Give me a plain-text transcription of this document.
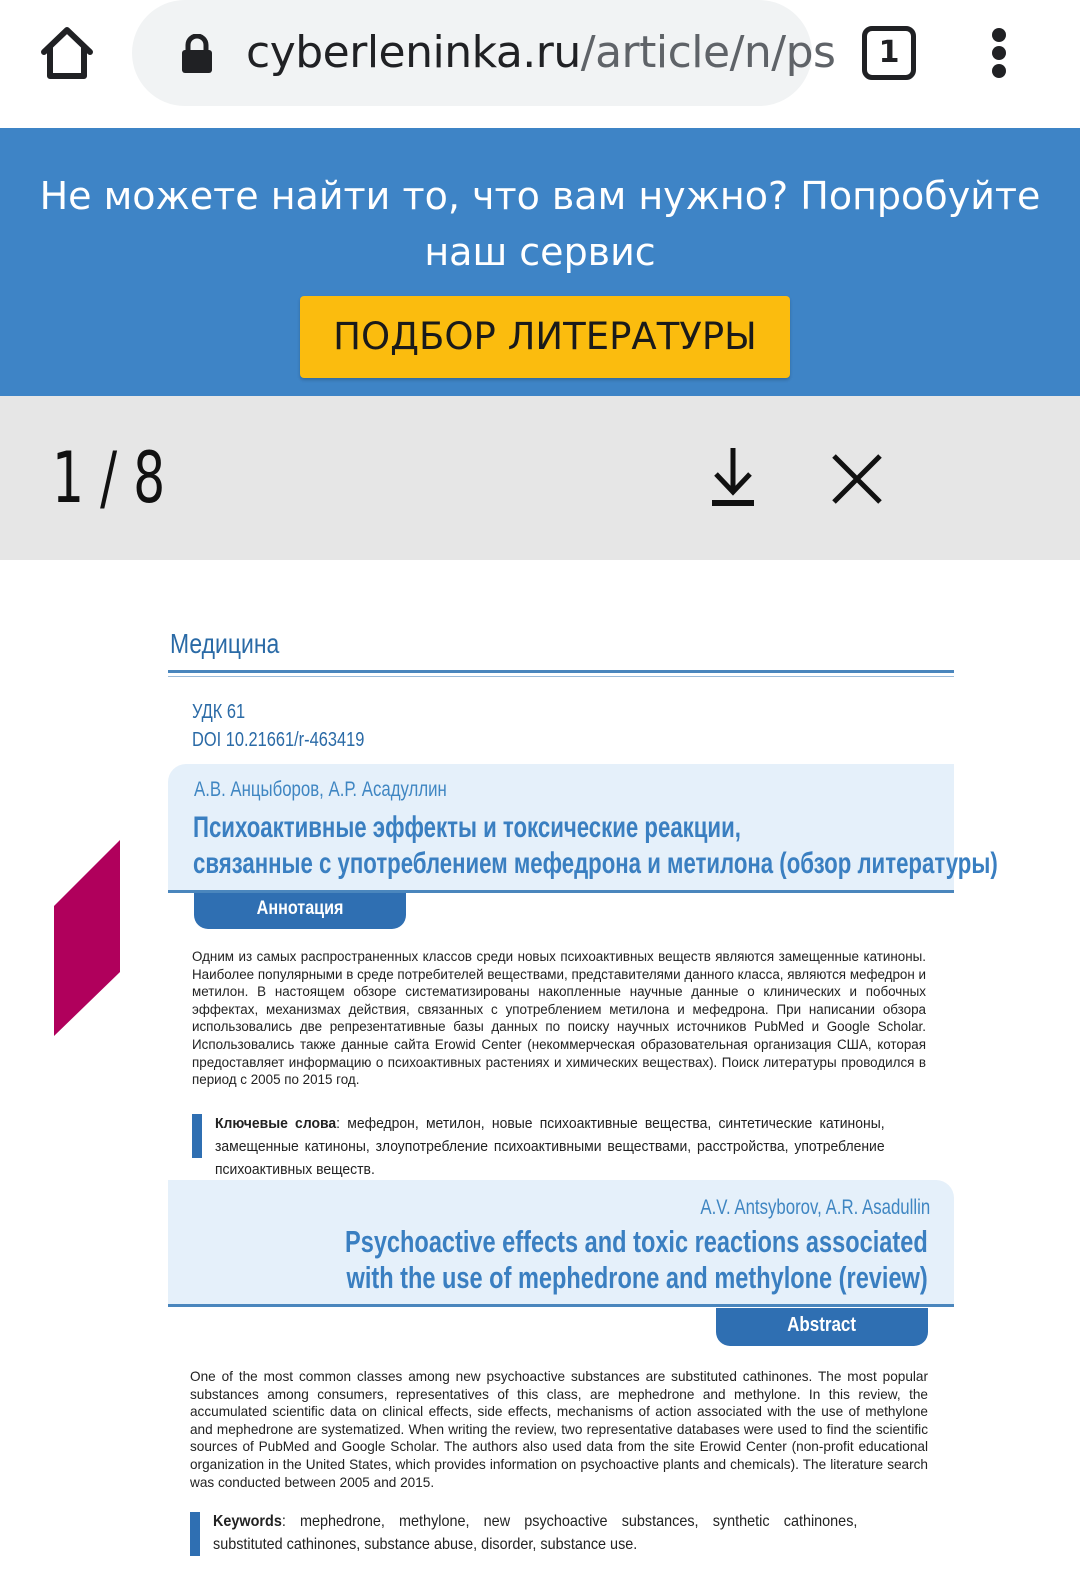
cyberleninka.ru/article/n/ps	1
Не можете найти то, что вам нужно? Попробуйте наш сервис
ПОДБОР ЛИТЕРАТУРЫ
1 / 8
Медицина
УДК 61
DOI 10.21661/r-463419
А.В. Анцыборов, А.Р. Асадуллин
Психоактивные эффекты и токсические реакции,
связанные с употреблением мефедрона и метилона (обзор литературы)
Аннотация
Одним из самых распространенных классов среди новых психоактивных веществ являются замещенные катиноны. Наиболее популярными в среде потребителей веществами, представителями данного класса, являются мефедрон и метилон. В настоящем обзоре систематизированы накопленные научные данные о клинических и побочных эффектах, механизмах действия, связанных с употреблением метилона и мефедрона. При написании обзора использовались две репрезентативные базы данных по поиску научных источников PubMed и Google Scholar. Использовались также данные сайта Erowid Center (некоммерческая образовательная организация США, которая предоставляет информацию о психоактивных растениях и химических веществах). Поиск литературы проводился в период с 2005 по 2015 год.
Ключевые слова: мефедрон, метилон, новые психоактивные вещества, синтетические катиноны, замещенные катиноны, злоупотребление психоактивными веществами, расстройства, употребление психоактивных веществ.
A.V. Antsyborov, A.R. Asadullin
Psychoactive effects and toxic reactions associated
with the use of mephedrone and methylone (review)
Abstract
One of the most common classes among new psychoactive substances are substituted cathinones. The most popular substances among consumers, representatives of this class, are mephedrone and methylone. In this review, the accumulated scientific data on clinical effects, side effects, mechanisms of action associated with the use of methylone and mephedrone are systematized. When writing the review, two representative databases were used to find the scientific sources of PubMed and Google Scholar. The authors also used data from the site Erowid Center (non-profit educational organization in the United States, which provides information on psychoactive plants and chemicals). The literature search was conducted between 2005 and 2015.
Keywords: mephedrone, methylone, new psychoactive substances, synthetic cathinones, substituted cathinones, substance abuse, disorder, substance use.
